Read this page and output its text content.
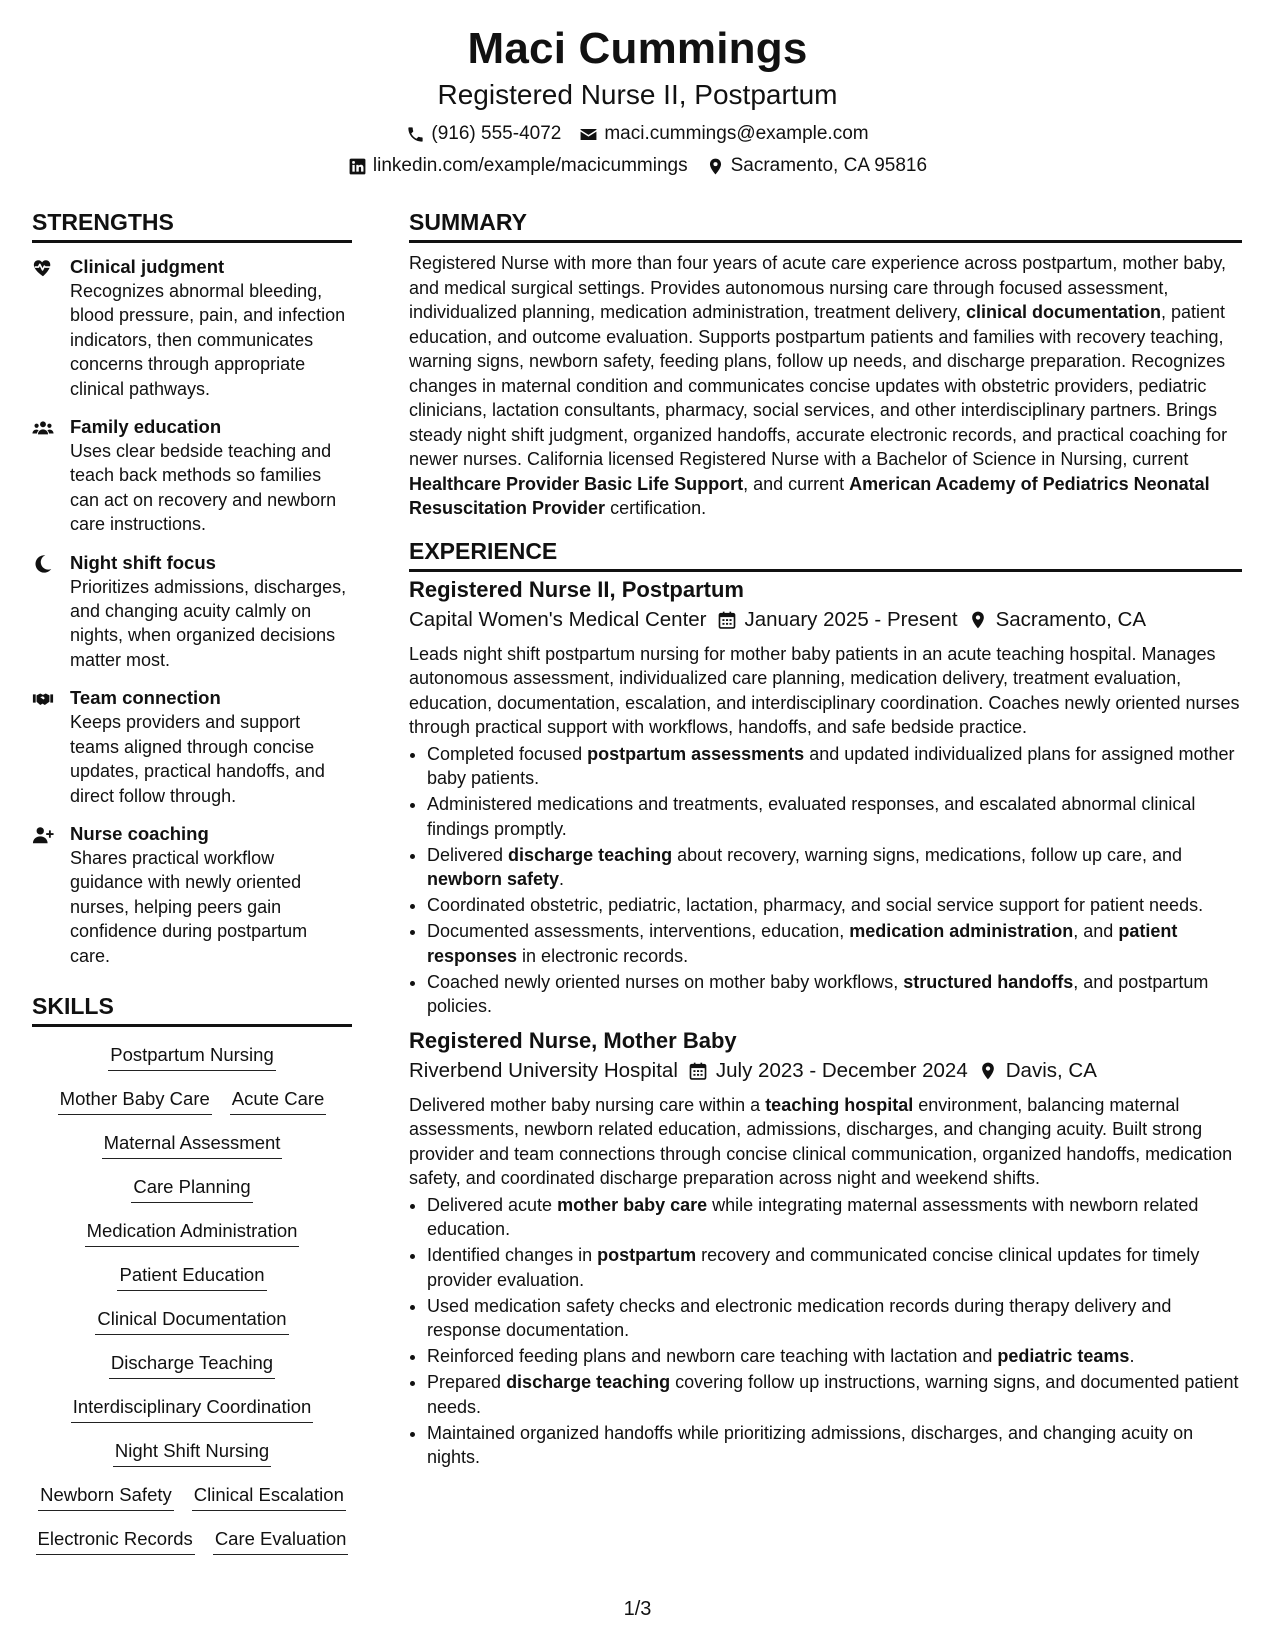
Maci Cummings
Registered Nurse II, Postpartum
(916) 555-4072 maci.cummings@example.com
linkedin.com/example/macicummings Sacramento, CA 95816
STRENGTHS
Clinical judgment
Recognizes abnormal bleeding, blood pressure, pain, and infection indicators, then communicates concerns through appropriate clinical pathways.
Family education
Uses clear bedside teaching and teach back methods so families can act on recovery and newborn care instructions.
Night shift focus
Prioritizes admissions, discharges, and changing acuity calmly on nights, when organized decisions matter most.
Team connection
Keeps providers and support teams aligned through concise updates, practical handoffs, and direct follow through.
Nurse coaching
Shares practical workflow guidance with newly oriented nurses, helping peers gain confidence during postpartum care.
SKILLS
Postpartum Nursing
Mother Baby Care Acute Care
Maternal Assessment
Care Planning
Medication Administration
Patient Education
Clinical Documentation
Discharge Teaching
Interdisciplinary Coordination
Night Shift Nursing
Newborn Safety Clinical Escalation
Electronic Records Care Evaluation
SUMMARY
Registered Nurse with more than four years of acute care experience across postpartum, mother baby, and medical surgical settings. Provides autonomous nursing care through focused assessment, individualized planning, medication administration, treatment delivery, clinical documentation, patient education, and outcome evaluation. Supports postpartum patients and families with recovery teaching, warning signs, newborn safety, feeding plans, follow up needs, and discharge preparation. Recognizes changes in maternal condition and communicates concise updates with obstetric providers, pediatric clinicians, lactation consultants, pharmacy, social services, and other interdisciplinary partners. Brings steady night shift judgment, organized handoffs, accurate electronic records, and practical coaching for newer nurses. California licensed Registered Nurse with a Bachelor of Science in Nursing, current Healthcare Provider Basic Life Support, and current American Academy of Pediatrics Neonatal Resuscitation Provider certification.
EXPERIENCE
Registered Nurse II, Postpartum
Capital Women's Medical Center January 2025 - Present Sacramento, CA
Leads night shift postpartum nursing for mother baby patients in an acute teaching hospital. Manages autonomous assessment, individualized care planning, medication delivery, treatment evaluation, education, documentation, escalation, and interdisciplinary coordination. Coaches newly oriented nurses through practical support with workflows, handoffs, and safe bedside practice.
• Completed focused postpartum assessments and updated individualized plans for assigned mother baby patients.
• Administered medications and treatments, evaluated responses, and escalated abnormal clinical findings promptly.
• Delivered discharge teaching about recovery, warning signs, medications, follow up care, and newborn safety.
• Coordinated obstetric, pediatric, lactation, pharmacy, and social service support for patient needs.
• Documented assessments, interventions, education, medication administration, and patient responses in electronic records.
• Coached newly oriented nurses on mother baby workflows, structured handoffs, and postpartum policies.
Registered Nurse, Mother Baby
Riverbend University Hospital July 2023 - December 2024 Davis, CA
Delivered mother baby nursing care within a teaching hospital environment, balancing maternal assessments, newborn related education, admissions, discharges, and changing acuity. Built strong provider and team connections through concise clinical communication, organized handoffs, medication safety, and coordinated discharge preparation across night and weekend shifts.
• Delivered acute mother baby care while integrating maternal assessments with newborn related education.
• Identified changes in postpartum recovery and communicated concise clinical updates for timely provider evaluation.
• Used medication safety checks and electronic medication records during therapy delivery and response documentation.
• Reinforced feeding plans and newborn care teaching with lactation and pediatric teams.
• Prepared discharge teaching covering follow up instructions, warning signs, and documented patient needs.
• Maintained organized handoffs while prioritizing admissions, discharges, and changing acuity on nights.
1/3
